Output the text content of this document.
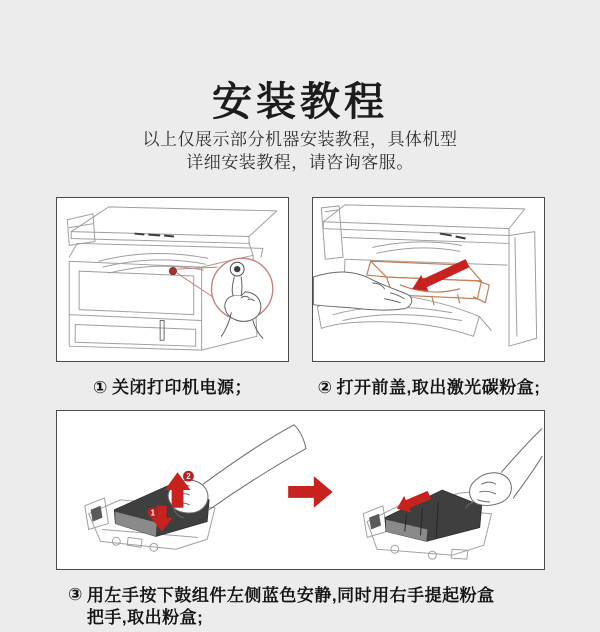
安装教程

以上仅展示部分机器安装教程，具体机型
详细安装教程，请咨询客服。

① 关闭打印机电源；	② 打开前盖,取出激光碳粉盒;
2
1
③ 用左手按下鼓组件左侧蓝色安静,同时用右手提起粉盒
把手,取出粉盒;
